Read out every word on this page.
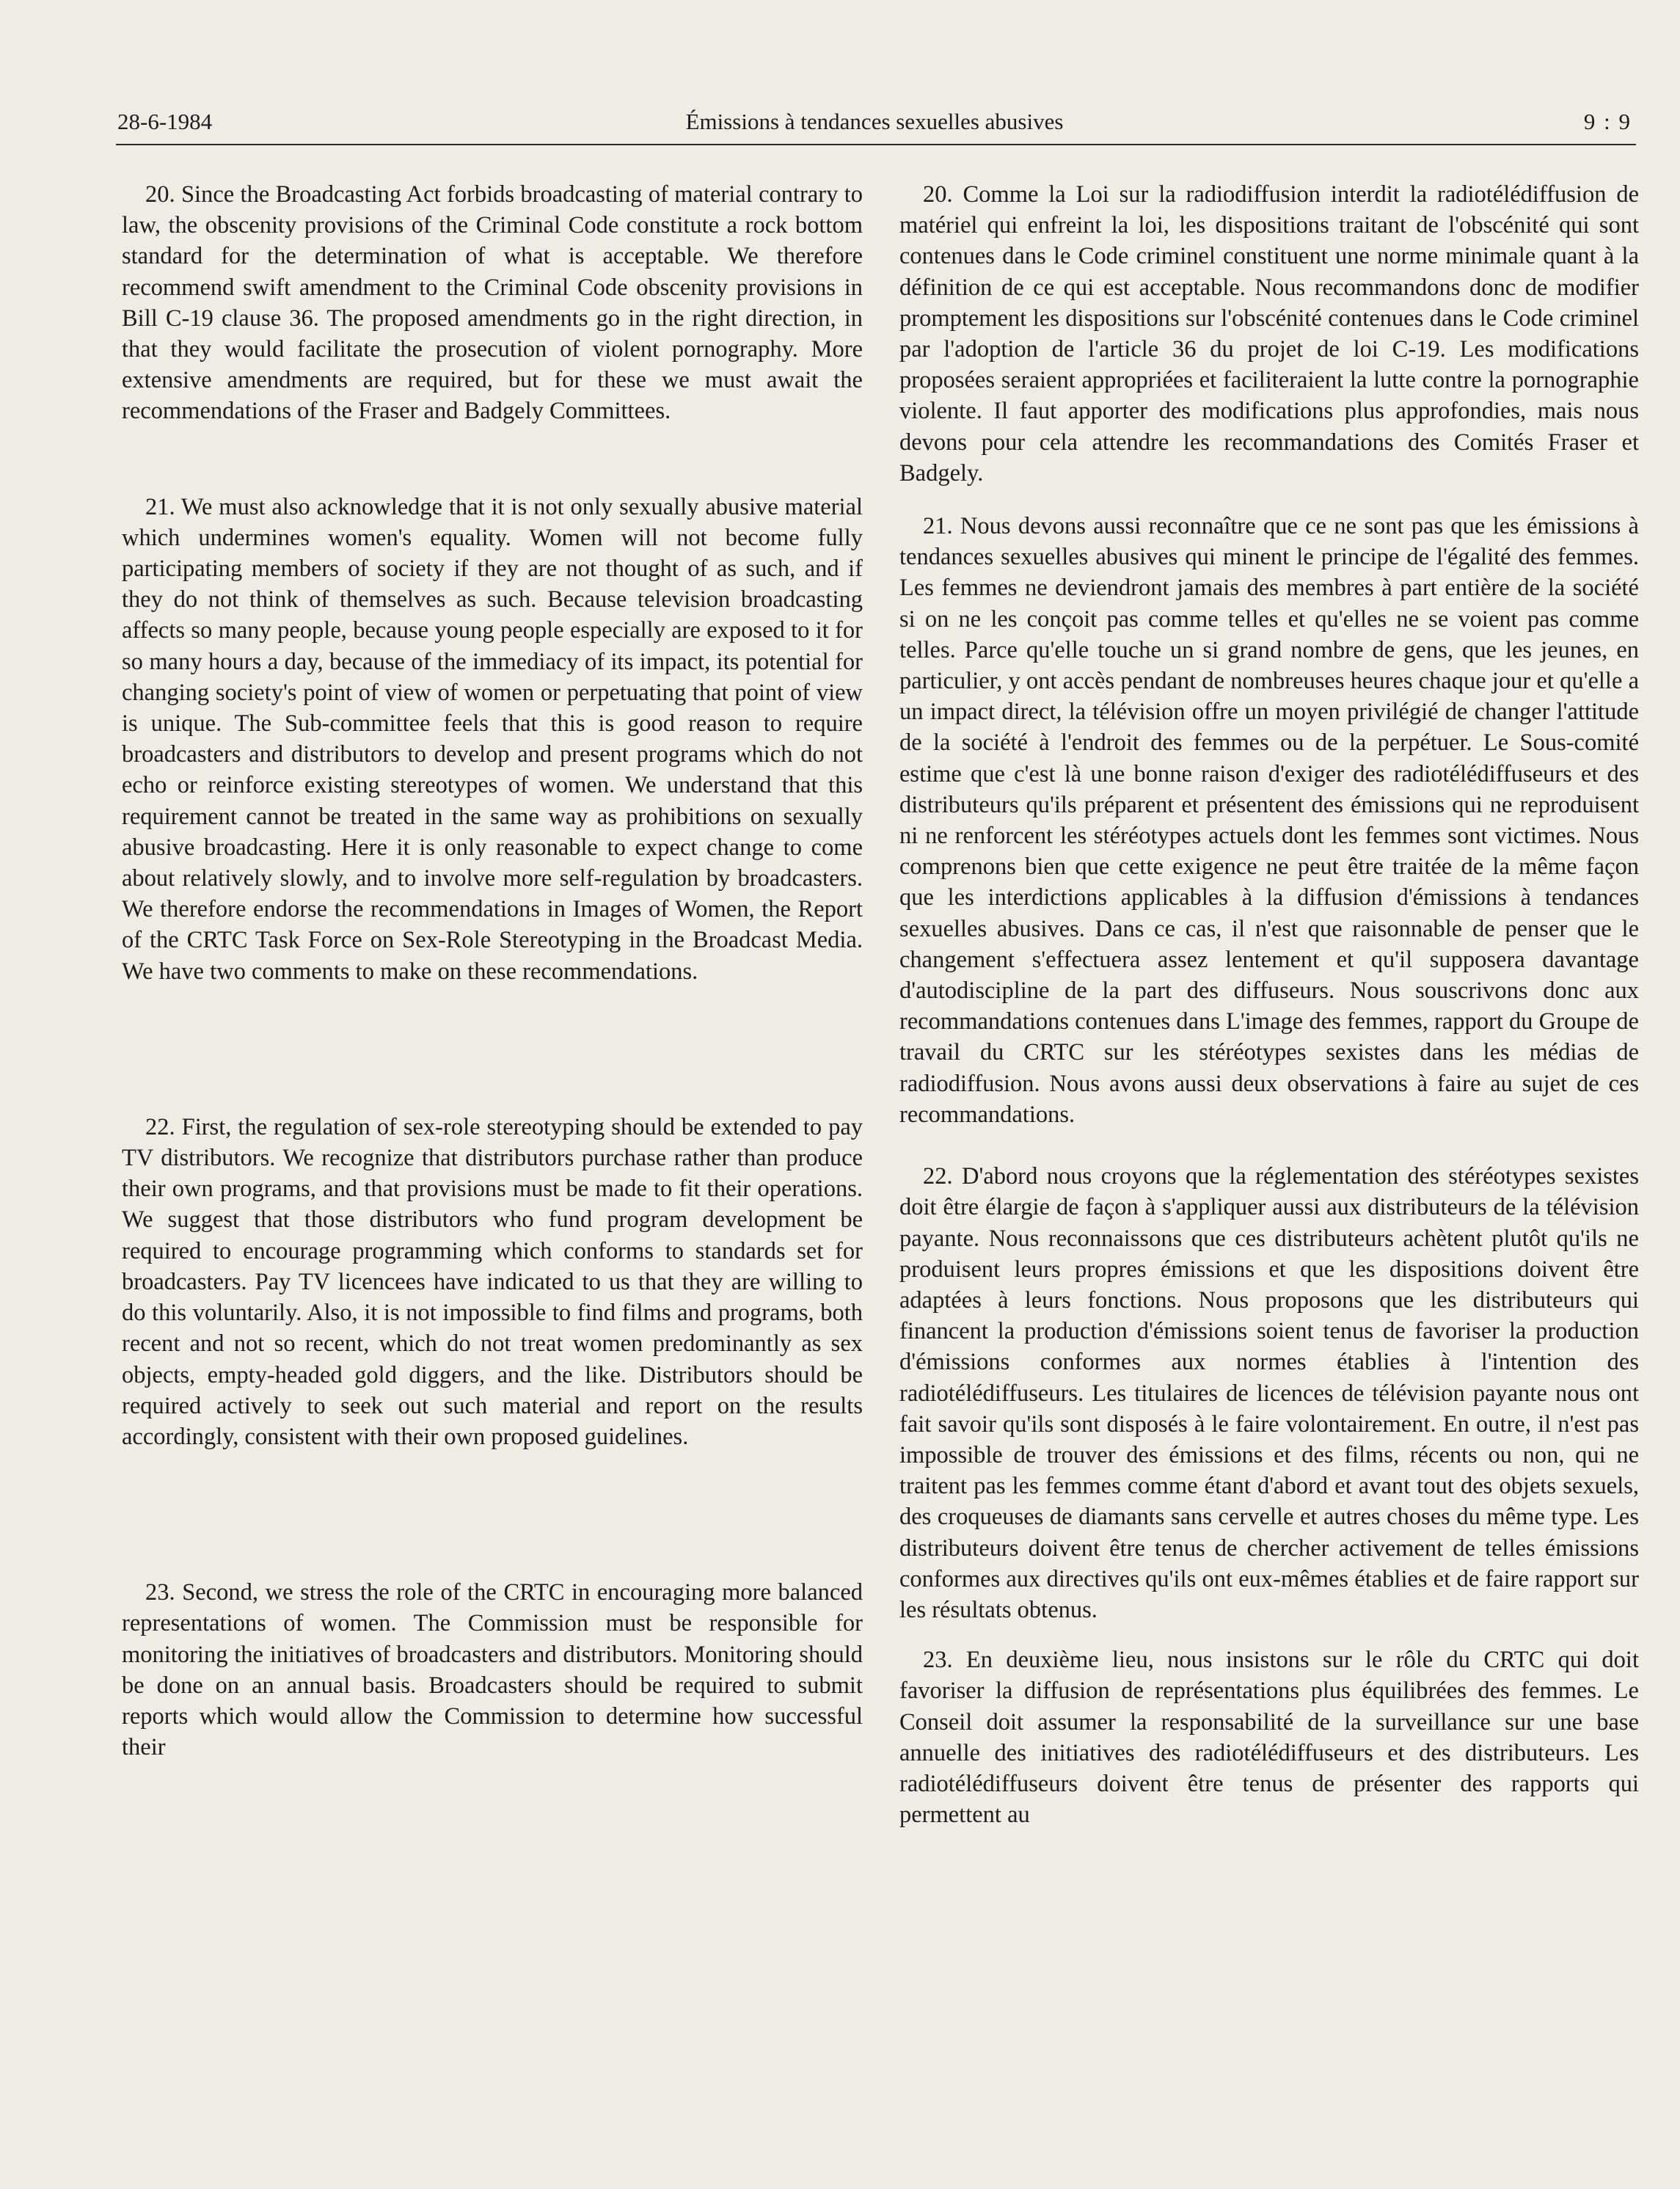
28-6-1984	Émissions à tendances sexuelles abusives	9 : 9

20. Since the Broadcasting Act forbids broadcasting of material contrary to law, the obscenity provisions of the Criminal Code constitute a rock bottom standard for the determination of what is acceptable. We therefore recommend swift amendment to the Criminal Code obscenity provisions in Bill C-19 clause 36. The proposed amendments go in the right direction, in that they would facilitate the prosecution of violent pornography. More extensive amendments are required, but for these we must await the recommendations of the Fraser and Badgely Committees.

21. We must also acknowledge that it is not only sexually abusive material which undermines women's equality. Women will not become fully participating members of society if they are not thought of as such, and if they do not think of themselves as such. Because television broadcasting affects so many people, because young people especially are exposed to it for so many hours a day, because of the immediacy of its impact, its potential for changing society's point of view of women or perpetuating that point of view is unique. The Sub-committee feels that this is good reason to require broadcasters and distributors to develop and present programs which do not echo or reinforce existing stereotypes of women. We understand that this requirement cannot be treated in the same way as prohibitions on sexually abusive broadcasting. Here it is only reasonable to expect change to come about relatively slowly, and to involve more self-regulation by broadcasters. We therefore endorse the recommendations in Images of Women, the Report of the CRTC Task Force on Sex-Role Stereotyping in the Broadcast Media. We have two comments to make on these recommendations.

22. First, the regulation of sex-role stereotyping should be extended to pay TV distributors. We recognize that distributors purchase rather than produce their own programs, and that provisions must be made to fit their operations. We suggest that those distributors who fund program development be required to encourage programming which conforms to standards set for broadcasters. Pay TV licencees have indicated to us that they are willing to do this voluntarily. Also, it is not impossible to find films and programs, both recent and not so recent, which do not treat women predominantly as sex objects, empty-headed gold diggers, and the like. Distributors should be required actively to seek out such material and report on the results accordingly, consistent with their own proposed guidelines.

23. Second, we stress the role of the CRTC in encouraging more balanced representations of women. The Commission must be responsible for monitoring the initiatives of broadcasters and distributors. Monitoring should be done on an annual basis. Broadcasters should be required to submit reports which would allow the Commission to determine how successful their

20. Comme la Loi sur la radiodiffusion interdit la radiotélédiffusion de matériel qui enfreint la loi, les dispositions traitant de l'obscénité qui sont contenues dans le Code criminel constituent une norme minimale quant à la définition de ce qui est acceptable. Nous recommandons donc de modifier promptement les dispositions sur l'obscénité contenues dans le Code criminel par l'adoption de l'article 36 du projet de loi C-19. Les modifications proposées seraient appropriées et faciliteraient la lutte contre la pornographie violente. Il faut apporter des modifications plus approfondies, mais nous devons pour cela attendre les recommandations des Comités Fraser et Badgely.

21. Nous devons aussi reconnaître que ce ne sont pas que les émissions à tendances sexuelles abusives qui minent le principe de l'égalité des femmes. Les femmes ne deviendront jamais des membres à part entière de la société si on ne les conçoit pas comme telles et qu'elles ne se voient pas comme telles. Parce qu'elle touche un si grand nombre de gens, que les jeunes, en particulier, y ont accès pendant de nombreuses heures chaque jour et qu'elle a un impact direct, la télévision offre un moyen privilégié de changer l'attitude de la société à l'endroit des femmes ou de la perpétuer. Le Sous-comité estime que c'est là une bonne raison d'exiger des radiotélédiffuseurs et des distributeurs qu'ils préparent et présentent des émissions qui ne reproduisent ni ne renforcent les stéréotypes actuels dont les femmes sont victimes. Nous comprenons bien que cette exigence ne peut être traitée de la même façon que les interdictions applicables à la diffusion d'émissions à tendances sexuelles abusives. Dans ce cas, il n'est que raisonnable de penser que le changement s'effectuera assez lentement et qu'il supposera davantage d'autodiscipline de la part des diffuseurs. Nous souscrivons donc aux recommandations contenues dans L'image des femmes, rapport du Groupe de travail du CRTC sur les stéréotypes sexistes dans les médias de radiodiffusion. Nous avons aussi deux observations à faire au sujet de ces recommandations.

22. D'abord nous croyons que la réglementation des stéréotypes sexistes doit être élargie de façon à s'appliquer aussi aux distributeurs de la télévision payante. Nous reconnaissons que ces distributeurs achètent plutôt qu'ils ne produisent leurs propres émissions et que les dispositions doivent être adaptées à leurs fonctions. Nous proposons que les distributeurs qui financent la production d'émissions soient tenus de favoriser la production d'émissions conformes aux normes établies à l'intention des radiotélédiffuseurs. Les titulaires de licences de télévision payante nous ont fait savoir qu'ils sont disposés à le faire volontairement. En outre, il n'est pas impossible de trouver des émissions et des films, récents ou non, qui ne traitent pas les femmes comme étant d'abord et avant tout des objets sexuels, des croqueuses de diamants sans cervelle et autres choses du même type. Les distributeurs doivent être tenus de chercher activement de telles émissions conformes aux directives qu'ils ont eux-mêmes établies et de faire rapport sur les résultats obtenus.

23. En deuxième lieu, nous insistons sur le rôle du CRTC qui doit favoriser la diffusion de représentations plus équilibrées des femmes. Le Conseil doit assumer la responsabilité de la surveillance sur une base annuelle des initiatives des radiotélédiffuseurs et des distributeurs. Les radiotélédiffuseurs doivent être tenus de présenter des rapports qui permettent au
